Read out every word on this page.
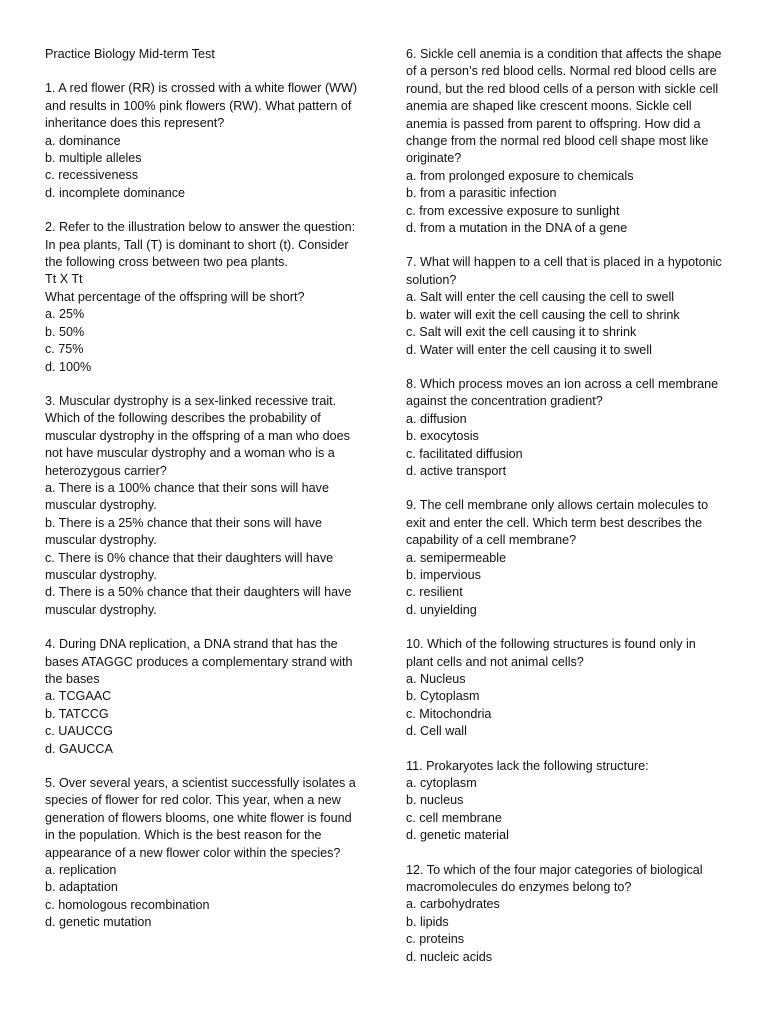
Practice Biology Mid-term Test

1. A red flower (RR) is crossed with a white flower (WW) and results in 100% pink flowers (RW). What pattern of inheritance does this represent?

a. dominance
b. multiple alleles
c. recessiveness
d. incomplete dominance

2. Refer to the illustration below to answer the question: In pea plants, Tall (T) is dominant to short (t). Consider the following cross between two pea plants.

Tt X Tt

What percentage of the offspring will be short?

a. 25%
b. 50%
c. 75%
d. 100%

3. Muscular dystrophy is a sex-linked recessive trait. Which of the following describes the probability of muscular dystrophy in the offspring of a man who does not have muscular dystrophy and a woman who is a heterozygous carrier?

a. There is a 100% chance that their sons will have muscular dystrophy.
b. There is a 25% chance that their sons will have muscular dystrophy.
c. There is 0% chance that their daughters will have muscular dystrophy.
d. There is a 50% chance that their daughters will have muscular dystrophy.

4. During DNA replication, a DNA strand that has the bases ATAGGC produces a complementary strand with the bases

a. TCGAAC
b. TATCCG
c. UAUCCG
d. GAUCCA

5. Over several years, a scientist successfully isolates a species of flower for red color. This year, when a new generation of flowers blooms, one white flower is found in the population. Which is the best reason for the appearance of a new flower color within the species?

a. replication
b. adaptation
c. homologous recombination
d. genetic mutation

6. Sickle cell anemia is a condition that affects the shape of a person’s red blood cells. Normal red blood cells are round, but the red blood cells of a person with sickle cell anemia are shaped like crescent moons. Sickle cell anemia is passed from parent to offspring. How did a change from the normal red blood cell shape most like originate?

a. from prolonged exposure to chemicals
b. from a parasitic infection
c. from excessive exposure to sunlight
d. from a mutation in the DNA of a gene

7. What will happen to a cell that is placed in a hypotonic solution?

a. Salt will enter the cell causing the cell to swell
b. water will exit the cell causing the cell to shrink
c. Salt will exit the cell causing it to shrink
d. Water will enter the cell causing it to swell

8. Which process moves an ion across a cell membrane against the concentration gradient?

a. diffusion
b. exocytosis
c. facilitated diffusion
d. active transport

9. The cell membrane only allows certain molecules to exit and enter the cell. Which term best describes the capability of a cell membrane?

a. semipermeable
b. impervious
c. resilient
d. unyielding

10. Which of the following structures is found only in plant cells and not animal cells?

a. Nucleus
b. Cytoplasm
c. Mitochondria
d. Cell wall

11. Prokaryotes lack the following structure:

a. cytoplasm
b. nucleus
c. cell membrane
d. genetic material

12. To which of the four major categories of biological macromolecules do enzymes belong to?

a. carbohydrates
b. lipids
c. proteins
d. nucleic acids
